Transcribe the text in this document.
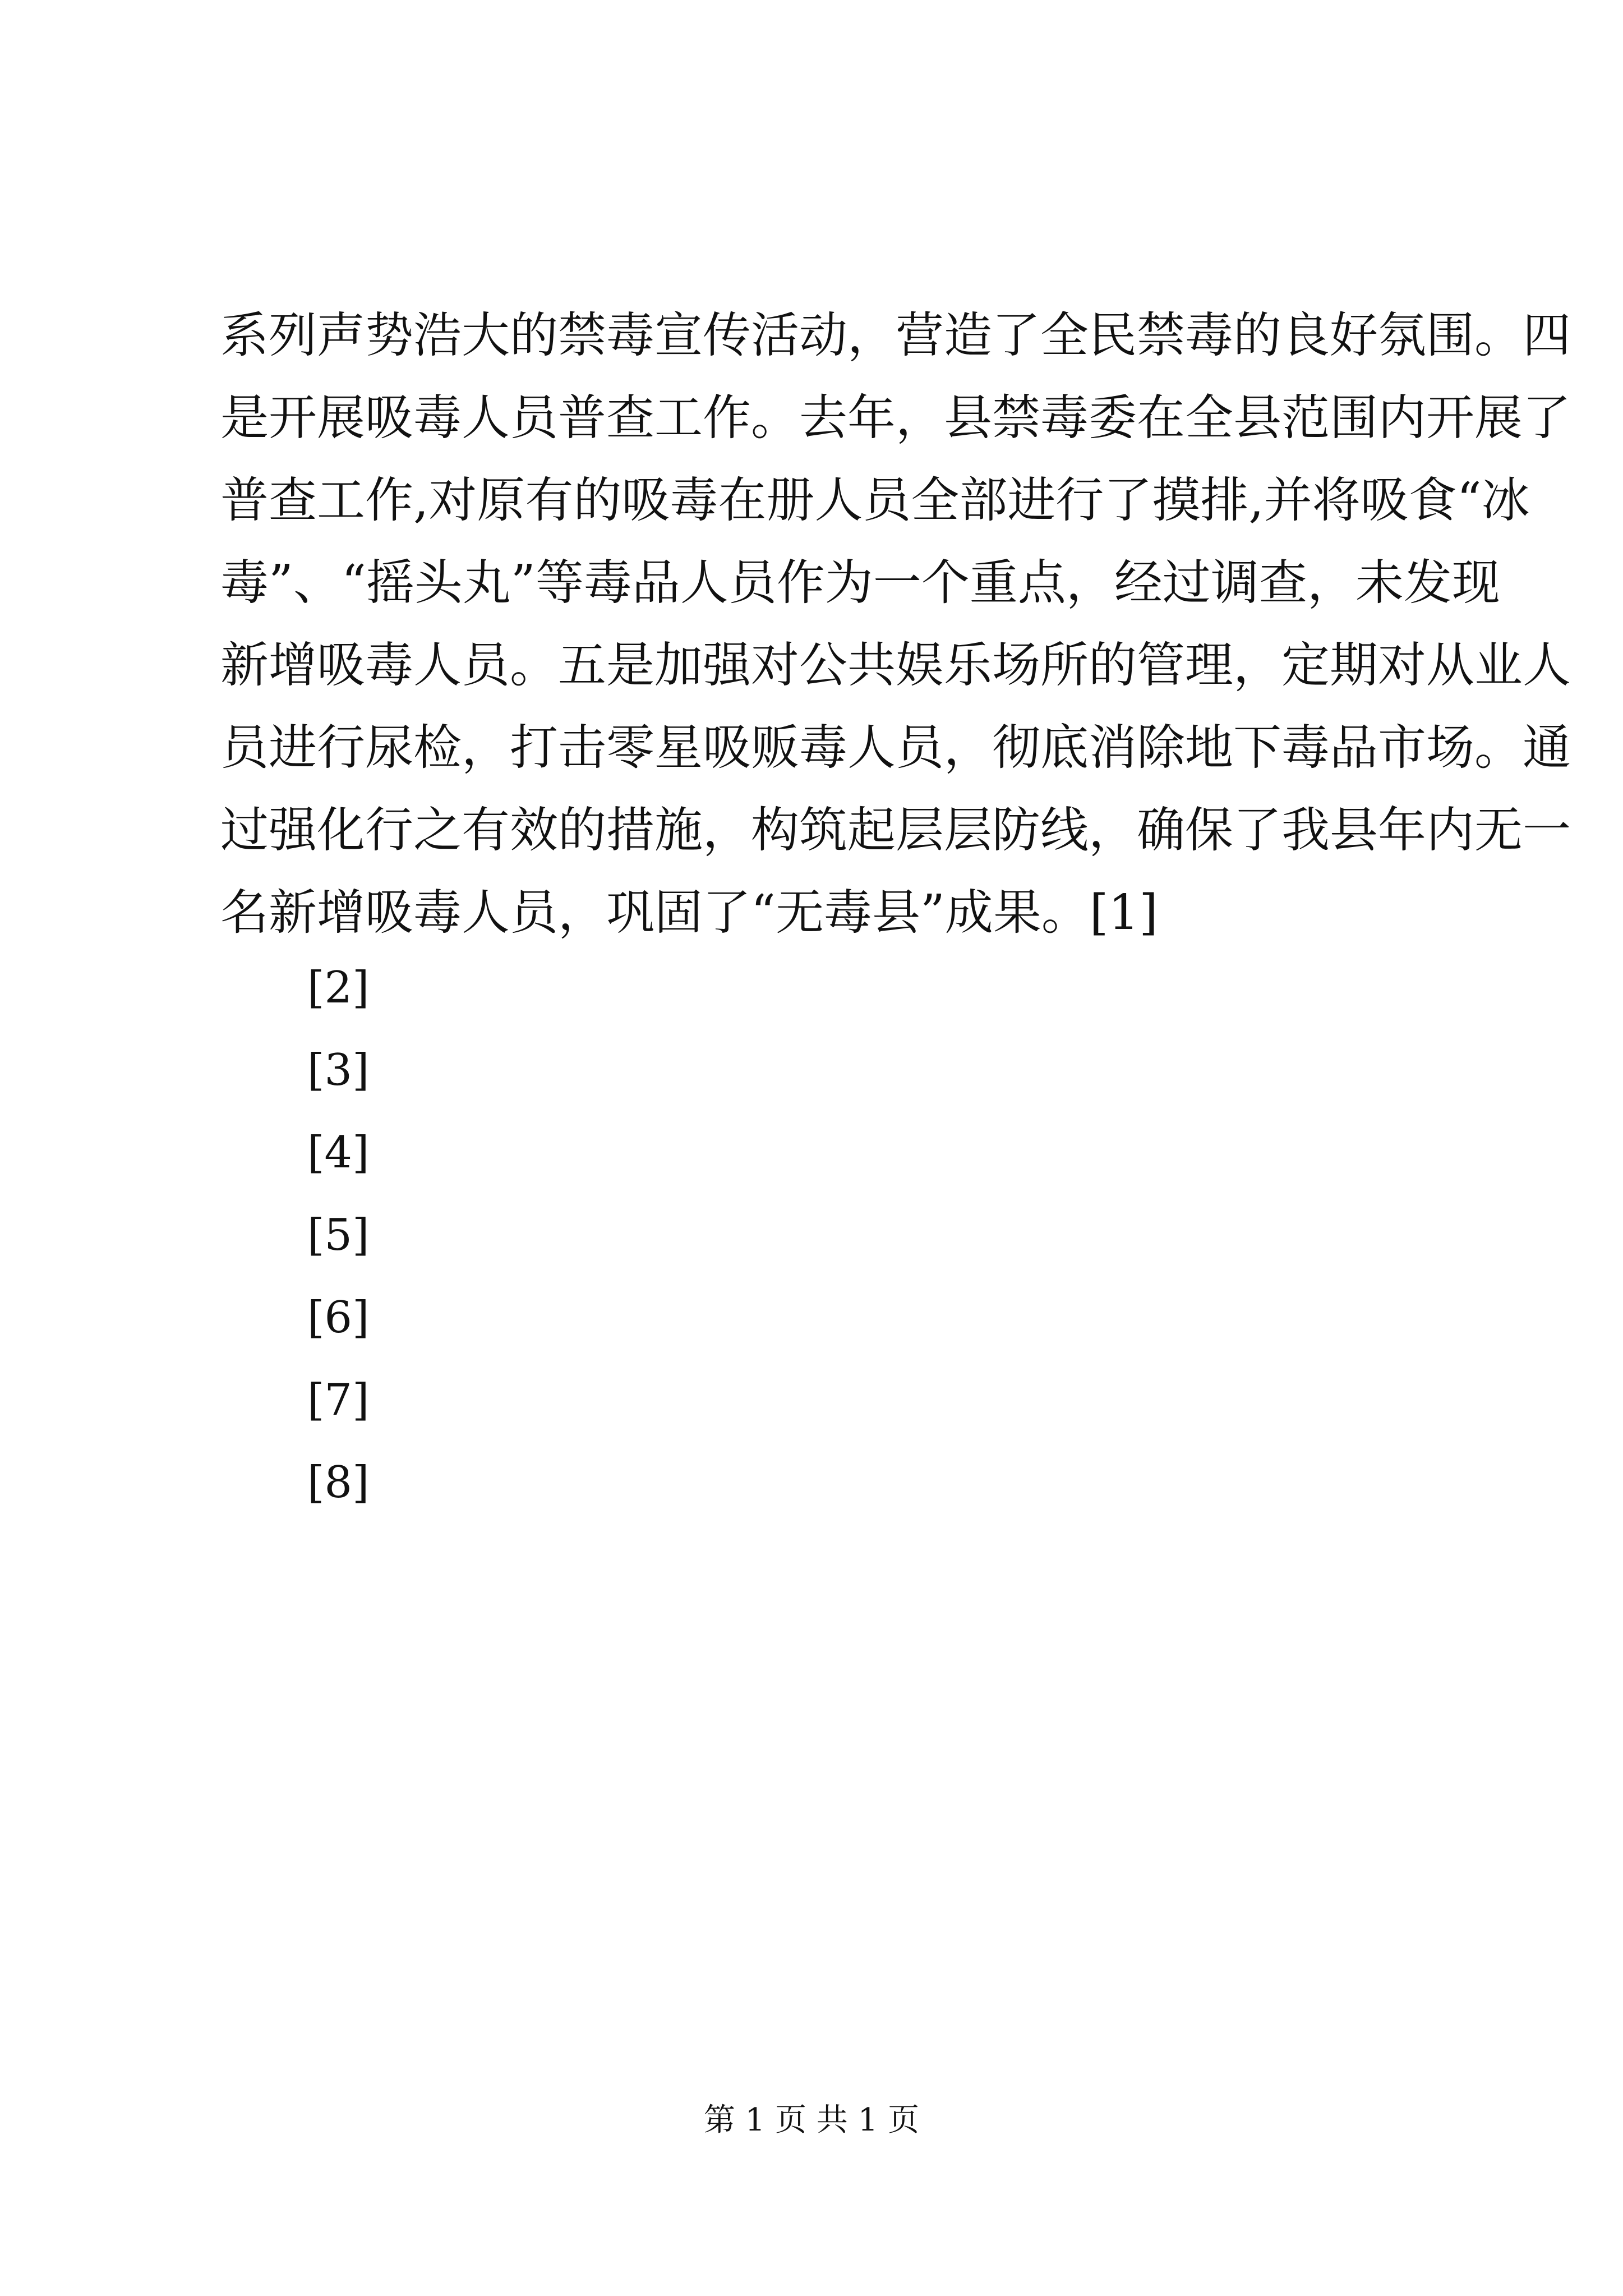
系列声势浩大的禁毒宣传活动，营造了全民禁毒的良好氛围。四
是开展吸毒人员普查工作。去年，县禁毒委在全县范围内开展了
普查工作,对原有的吸毒在册人员全部进行了摸排,并将吸食“冰
毒”、“摇头丸”等毒品人员作为一个重点，经过调查，未发现
新增吸毒人员。五是加强对公共娱乐场所的管理，定期对从业人
员进行尿检，打击零星吸贩毒人员，彻底消除地下毒品市场。通
过强化行之有效的措施，构筑起层层防线，确保了我县年内无一
名新增吸毒人员，巩固了“无毒县”成果。[1]
[2]
[3]
[4]
[5]
[6]
[7]
[8]
第 1 页 共 1 页
